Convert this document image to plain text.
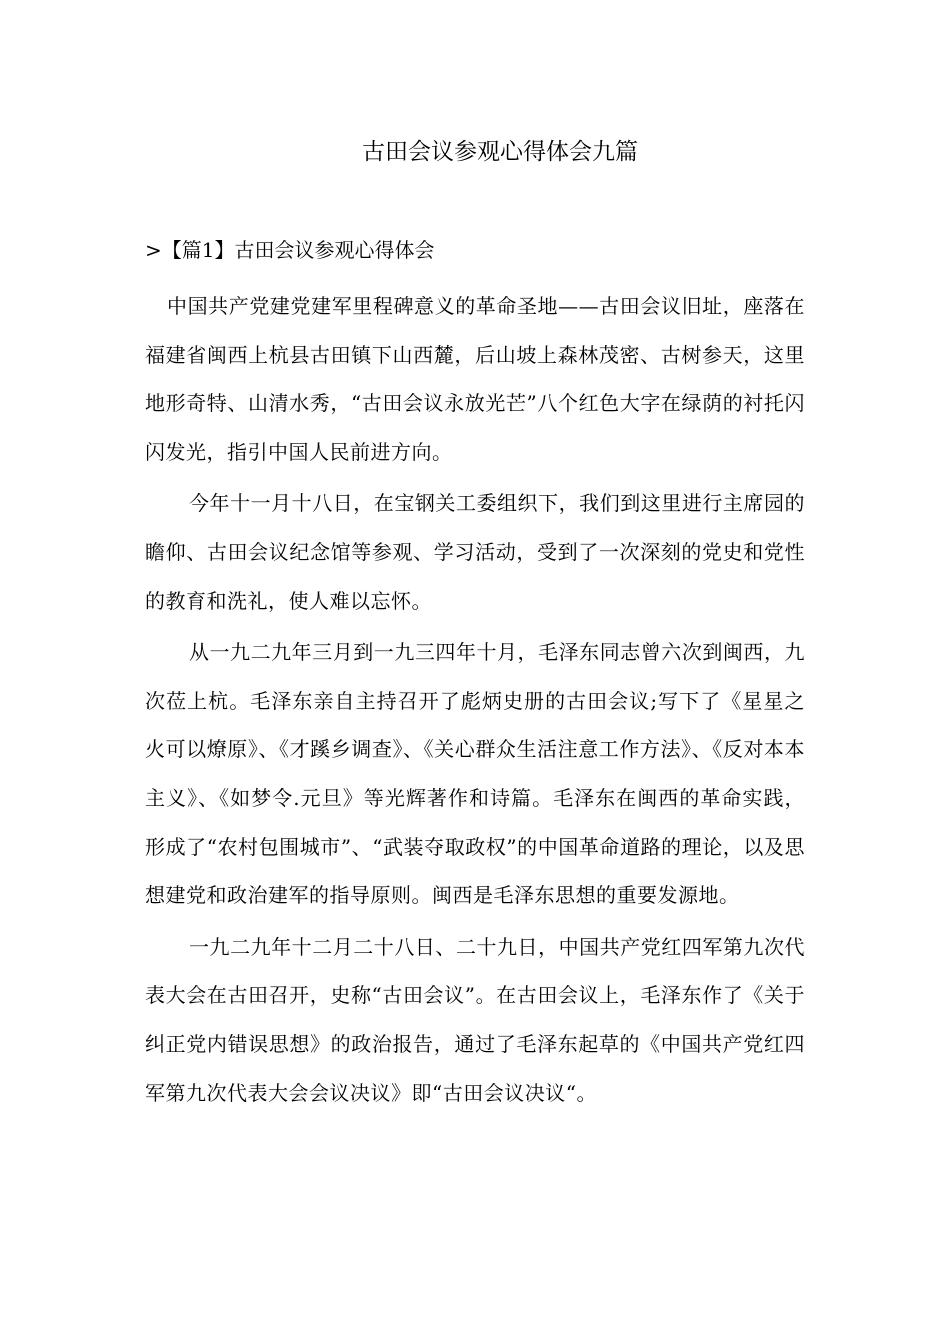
古田会议参观心得体会九篇
>【篇1】古田会议参观心得体会

中国共产党建党建军里程碑意义的革命圣地——古田会议旧址，座落在福建省闽西上杭县古田镇下山西麓，后山坡上森林茂密、古树参天，这里地形奇特、山清水秀，“古田会议永放光芒”八个红色大字在绿荫的衬托闪闪发光，指引中国人民前进方向。

今年十一月十八日，在宝钢关工委组织下，我们到这里进行主席园的瞻仰、古田会议纪念馆等参观、学习活动，受到了一次深刻的党史和党性的教育和洗礼，使人难以忘怀。

从一九二九年三月到一九三四年十月，毛泽东同志曾六次到闽西，九次莅上杭。毛泽东亲自主持召开了彪炳史册的古田会议;写下了《星星之火可以燎原》、《才蹊乡调查》、《关心群众生活注意工作方法》、《反对本本主义》、《如梦令.元旦》等光辉著作和诗篇。毛泽东在闽西的革命实践，形成了“农村包围城市”、“武装夺取政权”的中国革命道路的理论，以及思想建党和政治建军的指导原则。闽西是毛泽东思想的重要发源地。

一九二九年十二月二十八日、二十九日，中国共产党红四军第九次代表大会在古田召开，史称“古田会议”。在古田会议上，毛泽东作了《关于纠正党内错误思想》的政治报告，通过了毛泽东起草的《中国共产党红四军第九次代表大会会议决议》即“古田会议决议“。
